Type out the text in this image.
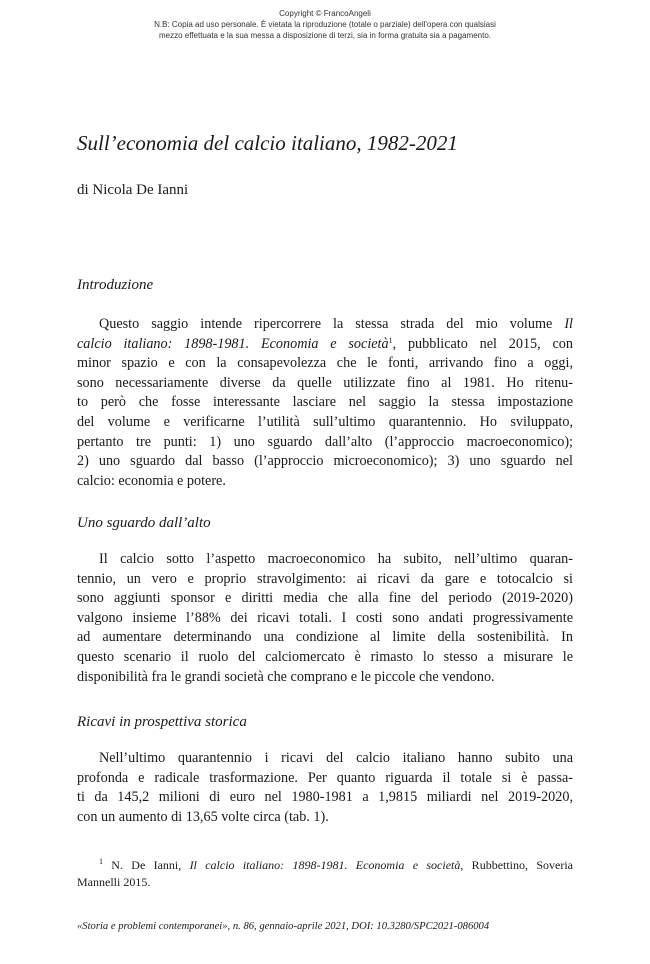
Copyright © FrancoAngeli
N.B: Copia ad uso personale. È vietata la riproduzione (totale o parziale) dell'opera con qualsiasi
mezzo effettuata e la sua messa a disposizione di terzi, sia in forma gratuita sia a pagamento.
Sull’economia del calcio italiano, 1982-2021
di Nicola De Ianni
Introduzione
Questo saggio intende ripercorrere la stessa strada del mio volume Il
calcio italiano: 1898-1981. Economia e società$^1$, pubblicato nel 2015, con
minor spazio e con la consapevolezza che le fonti, arrivando fino a oggi,
sono necessariamente diverse da quelle utilizzate fino al 1981. Ho ritenu-
to però che fosse interessante lasciare nel saggio la stessa impostazione
del volume e verificarne l’utilità sull’ultimo quarantennio. Ho sviluppato,
pertanto tre punti: 1) uno sguardo dall’alto (l’approccio macroeconomico);
2) uno sguardo dal basso (l’approccio microeconomico); 3) uno sguardo nel
calcio: economia e potere.
Uno sguardo dall’alto
Il calcio sotto l’aspetto macroeconomico ha subito, nell’ultimo quaran-
tennio, un vero e proprio stravolgimento: ai ricavi da gare e totocalcio si
sono aggiunti sponsor e diritti media che alla fine del periodo (2019-2020)
valgono insieme l’88% dei ricavi totali. I costi sono andati progressivamente
ad aumentare determinando una condizione al limite della sostenibilità. In
questo scenario il ruolo del calciomercato è rimasto lo stesso a misurare le
disponibilità fra le grandi società che comprano e le piccole che vendono.
Ricavi in prospettiva storica
Nell’ultimo quarantennio i ricavi del calcio italiano hanno subito una
profonda e radicale trasformazione. Per quanto riguarda il totale si è passa-
ti da 145,2 milioni di euro nel 1980-1981 a 1,9815 miliardi nel 2019-2020,
con un aumento di 13,65 volte circa (tab. 1).
$^1$ N. De Ianni, Il calcio italiano: 1898-1981. Economia e società, Rubbettino, Soveria
Mannelli 2015.
«Storia e problemi contemporanei», n. 86, gennaio-aprile 2021, DOI: 10.3280/SPC2021-086004
